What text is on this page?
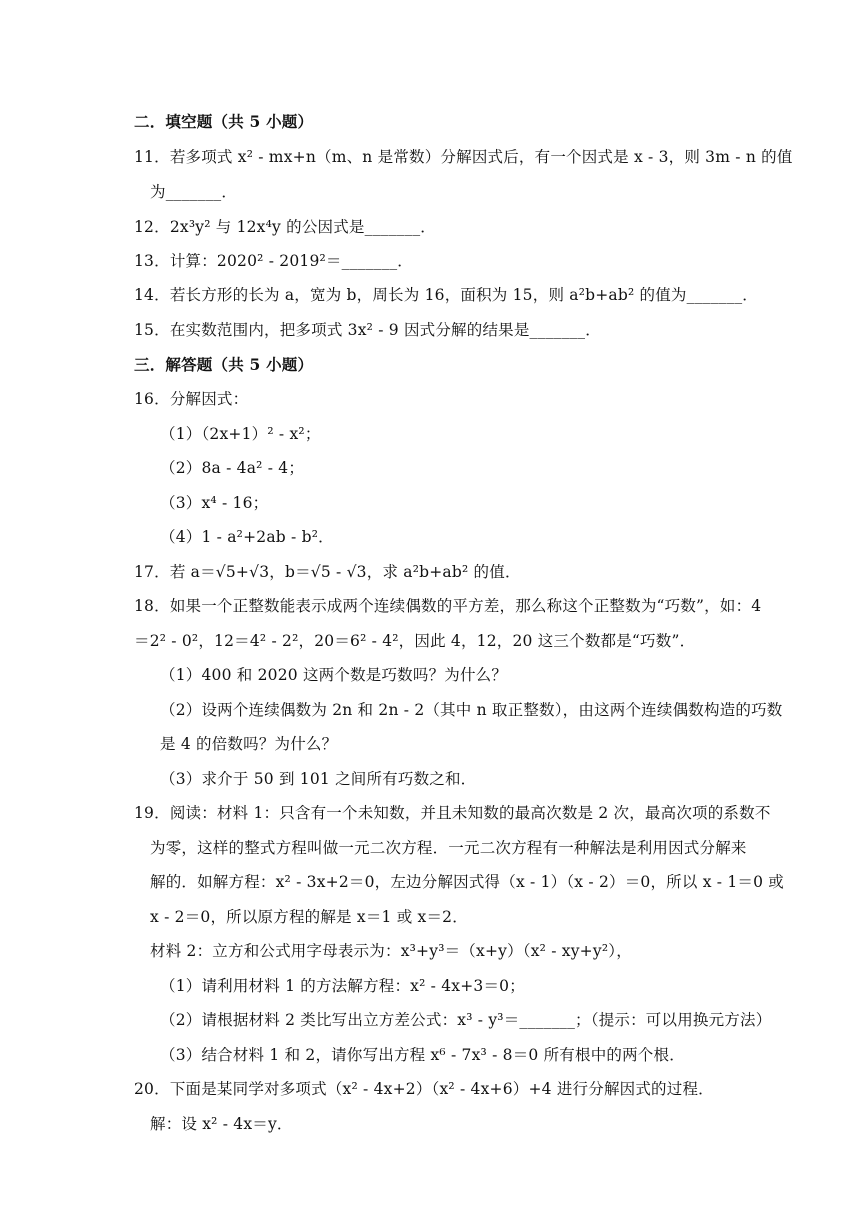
二．填空题（共 5 小题）
11．若多项式 x² - mx+n（m、n 是常数）分解因式后，有一个因式是 x - 3，则 3m - n 的值
为_______．
12．2x³y² 与 12x⁴y 的公因式是_______．
13．计算：2020² - 2019²＝_______．
14．若长方形的长为 a，宽为 b，周长为 16，面积为 15，则 a²b+ab² 的值为_______．
15．在实数范围内，把多项式 3x² - 9 因式分解的结果是_______．
三．解答题（共 5 小题）
16．分解因式：
（1）（2x+1）² - x²；
（2）8a - 4a² - 4；
（3）x⁴ - 16；
（4）1 - a²+2ab - b²．
17．若 a＝√5+√3，b＝√5 - √3，求 a²b+ab² 的值．
18．如果一个正整数能表示成两个连续偶数的平方差，那么称这个正整数为“巧数”，如：4
＝2² - 0²，12＝4² - 2²，20＝6² - 4²，因此 4，12，20 这三个数都是“巧数”．
（1）400 和 2020 这两个数是巧数吗？为什么？
（2）设两个连续偶数为 2n 和 2n - 2（其中 n 取正整数），由这两个连续偶数构造的巧数
是 4 的倍数吗？为什么？
（3）求介于 50 到 101 之间所有巧数之和．
19．阅读：材料 1：只含有一个未知数，并且未知数的最高次数是 2 次，最高次项的系数不
为零，这样的整式方程叫做一元二次方程．一元二次方程有一种解法是利用因式分解来
解的．如解方程：x² - 3x+2＝0，左边分解因式得（x - 1）（x - 2）＝0，所以 x - 1＝0 或
x - 2＝0，所以原方程的解是 x＝1 或 x＝2．
材料 2：立方和公式用字母表示为：x³+y³＝（x+y）（x² - xy+y²），
（1）请利用材料 1 的方法解方程：x² - 4x+3＝0；
（2）请根据材料 2 类比写出立方差公式：x³ - y³＝_______；（提示：可以用换元方法）
（3）结合材料 1 和 2，请你写出方程 x⁶ - 7x³ - 8＝0 所有根中的两个根．
20．下面是某同学对多项式（x² - 4x+2）（x² - 4x+6）+4 进行分解因式的过程．
解：设 x² - 4x＝y．
